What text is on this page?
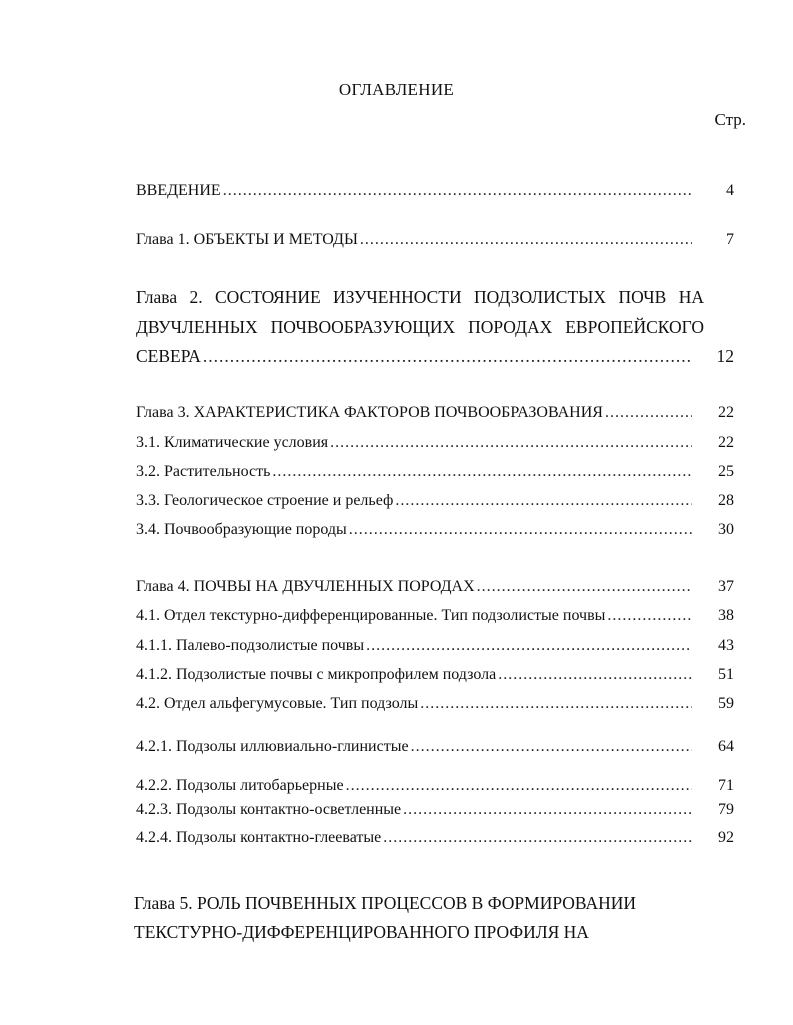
ОГЛАВЛЕНИЕ
Стр.
ВВЕДЕНИЕ .....	4
Глава 1. ОБЪЕКТЫ И МЕТОДЫ .....	7
Глава 2. СОСТОЯНИЕ ИЗУЧЕННОСТИ ПОДЗОЛИСТЫХ ПОЧВ НА
ДВУЧЛЕННЫХ ПОЧВООБРАЗУЮЩИХ ПОРОДАХ ЕВРОПЕЙСКОГО
СЕВЕРА .....	12
Глава 3. ХАРАКТЕРИСТИКА ФАКТОРОВ ПОЧВООБРАЗОВАНИЯ .....	22
3.1. Климатические условия .....	22
3.2. Растительность .....	25
3.3. Геологическое строение и рельеф .....	28
3.4. Почвообразующие породы .....	30
Глава 4. ПОЧВЫ НА ДВУЧЛЕННЫХ ПОРОДАХ .....	37
4.1. Отдел текстурно-дифференцированные. Тип подзолистые почвы .....	38
4.1.1. Палево-подзолистые почвы .....	43
4.1.2. Подзолистые почвы с микропрофилем подзола .....	51
4.2. Отдел альфегумусовые. Тип подзолы .....	59
4.2.1. Подзолы иллювиально-глинистые .....	64
4.2.2. Подзолы литобарьерные .....	71
4.2.3. Подзолы контактно-осветленные .....	79
4.2.4. Подзолы контактно-глееватые .....	92
Глава 5. РОЛЬ ПОЧВЕННЫХ ПРОЦЕССОВ В ФОРМИРОВАНИИ
ТЕКСТУРНО-ДИФФЕРЕНЦИРОВАННОГО ПРОФИЛЯ НА
